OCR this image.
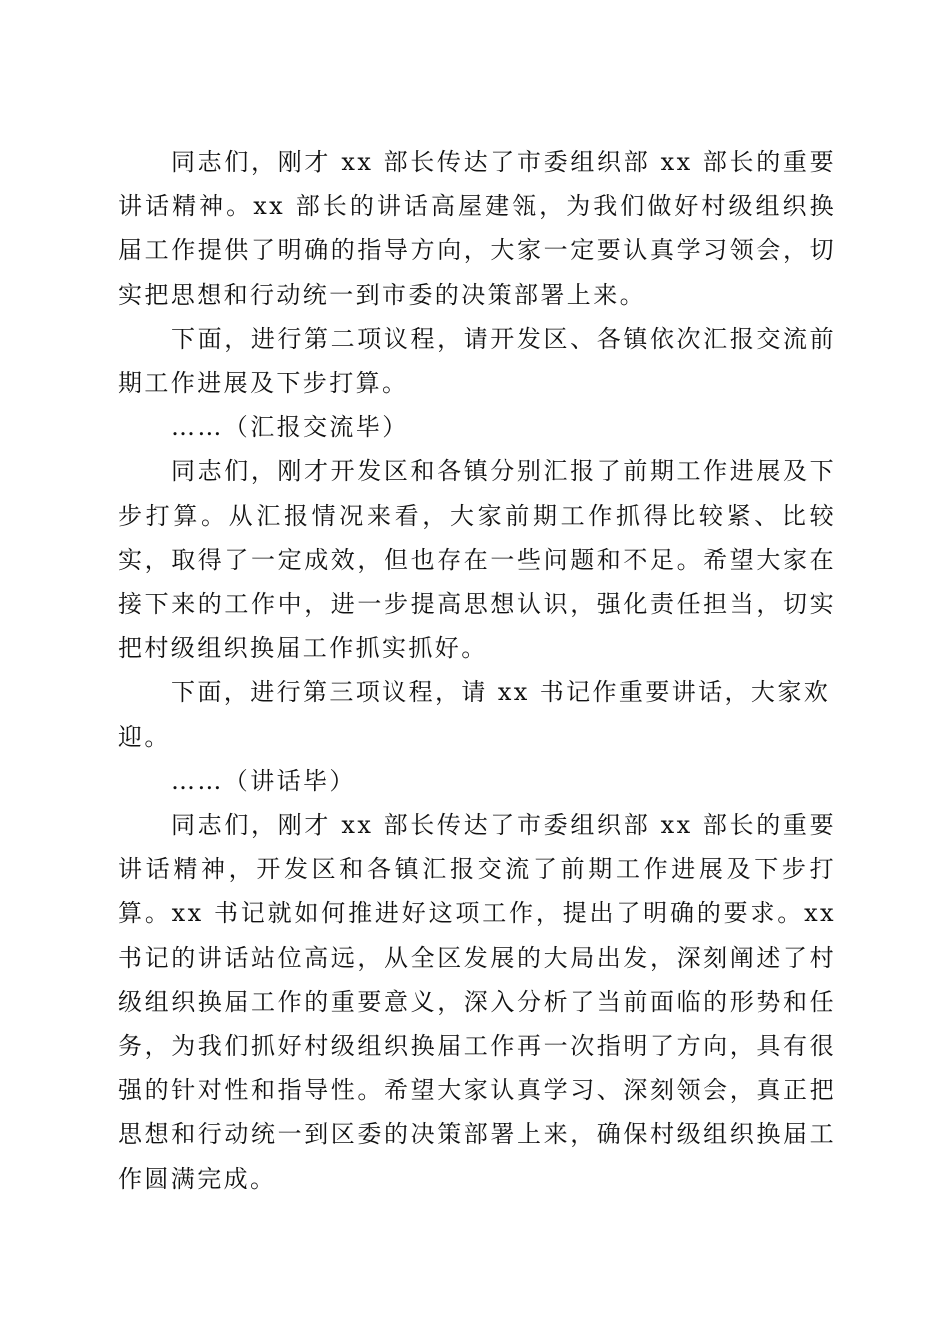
同志们，刚才 xx 部长传达了市委组织部 xx 部长的重要讲话精神。xx 部长的讲话高屋建瓴，为我们做好村级组织换届工作提供了明确的指导方向，大家一定要认真学习领会，切实把思想和行动统一到市委的决策部署上来。

下面，进行第二项议程，请开发区、各镇依次汇报交流前期工作进展及下步打算。

……（汇报交流毕）

同志们，刚才开发区和各镇分别汇报了前期工作进展及下步打算。从汇报情况来看，大家前期工作抓得比较紧、比较实，取得了一定成效，但也存在一些问题和不足。希望大家在接下来的工作中，进一步提高思想认识，强化责任担当，切实把村级组织换届工作抓实抓好。

下面，进行第三项议程，请 xx 书记作重要讲话，大家欢迎。

……（讲话毕）

同志们，刚才 xx 部长传达了市委组织部 xx 部长的重要讲话精神，开发区和各镇汇报交流了前期工作进展及下步打算。xx 书记就如何推进好这项工作，提出了明确的要求。xx 书记的讲话站位高远，从全区发展的大局出发，深刻阐述了村级组织换届工作的重要意义，深入分析了当前面临的形势和任务，为我们抓好村级组织换届工作再一次指明了方向，具有很强的针对性和指导性。希望大家认真学习、深刻领会，真正把思想和行动统一到区委的决策部署上来，确保村级组织换届工作圆满完成。
